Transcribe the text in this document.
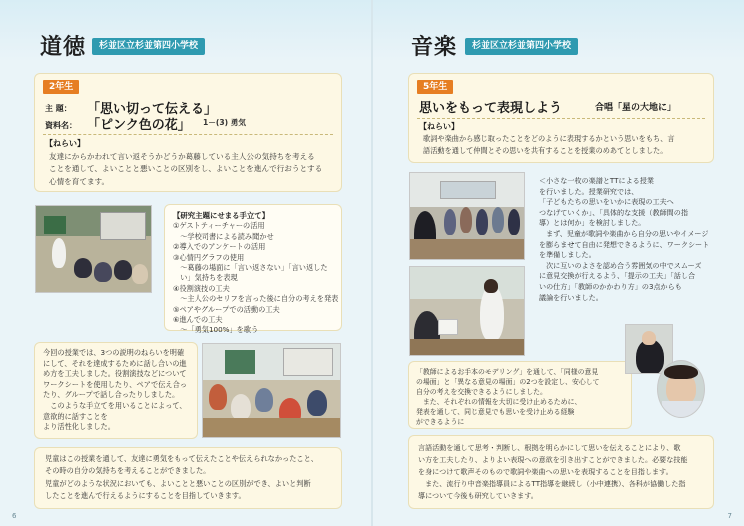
道徳	杉並区立杉並第四小学校
2年生
主 題： 「思い切って伝える」
資料名： 「ピンク色の花」 1－(3) 勇気
【ねらい】
友達にからかわれて言い返そうかどうか葛藤している主人公の気持ちを考える
ことを通して、よいことと悪いことの区別をし、よいことを進んで行おうとする
心情を育てます。
【研究主題にせまる手立て】
①ゲストティーチャーの活用
　～学校司書による読み聞かせ
②導入でのアンケートの活用
③心情円グラフの使用
　～葛藤の場面に「言い返さない」「言い返した
　い」気持ちを表現
④役割演技の工夫
　～主人公のセリフを言った後に自分の考えを発表
⑤ペアやグループでの活動の工夫
⑥進んでの工夫
　～「勇気100%」を歌う
今回の授業では、3つの説明のねらいを明確
にして、それを達成するために話し合いの進
め方を工夫しました。役割演技などについて
ワークシートを使用したり、ペアで伝え合っ
たり、グループで話し合ったりしました。
　このような手立てを用いることによって、
意欲的に話すことを
より活性化しました。
児童はこの授業を通して、友達に勇気をもって伝えたことや伝えられなかったこと、
その時の自分の気持ちを考えることができました。
児童がどのような状況においても、よいことと悪いことの区別ができ、よいと判断
したことを進んで行えるようにすることを目指していきます。
6
音楽	杉並区立杉並第四小学校
5年生
思いをもって表現しよう	合唱「星の大地に」
【ねらい】
歌詞や楽曲から感じ取ったことをどのように表現するかという思いをもち、言
語活動を通して仲間とその思いを共有することを授業のめあてとしました。
＜小さな一枚の楽譜とTTによる授業
を行いました。授業研究では、
「子どもたちの思いをいかに表現の工夫へ
つなげていくか」、「具体的な支援（教師間の指
導）とは何か」を検討しました。
　まず、児童が歌詞や楽曲から自分の思いやイメージ
を膨らませて自由に発想できるように、ワークシート
を準備しました。
　次に互いのよさを認め合う雰囲気の中でスムーズ
に意見交換が行えるよう、「提示の工夫」「話し合
いの仕方」「教師のかかわり方」の3点からも
議論を行いました。
「教師によるお手本のモデリング」を通して、「同様の意見
の場面」と「異なる意見の場面」の2つを設定し、安心して
自分の考えを交換できるようにしました。
　また、それぞれの情報を大切に受け止めるために、
発表を通して、同じ意見でも思いを受け止める経験
ができるように
言語活動を通して思考・判断し、根拠を明らかにして思いを伝えることにより、歌
い方を工夫したり、よりよい表現への意欲を引き出すことができました。必要な技能
を身につけて歌声そのもので歌詞や楽曲への思いを表現することを目指します。
　また、流行り中音楽指導員によるTT指導を継続し（小中連携）、各科が協働した指
導について今後も研究していきます。
7
